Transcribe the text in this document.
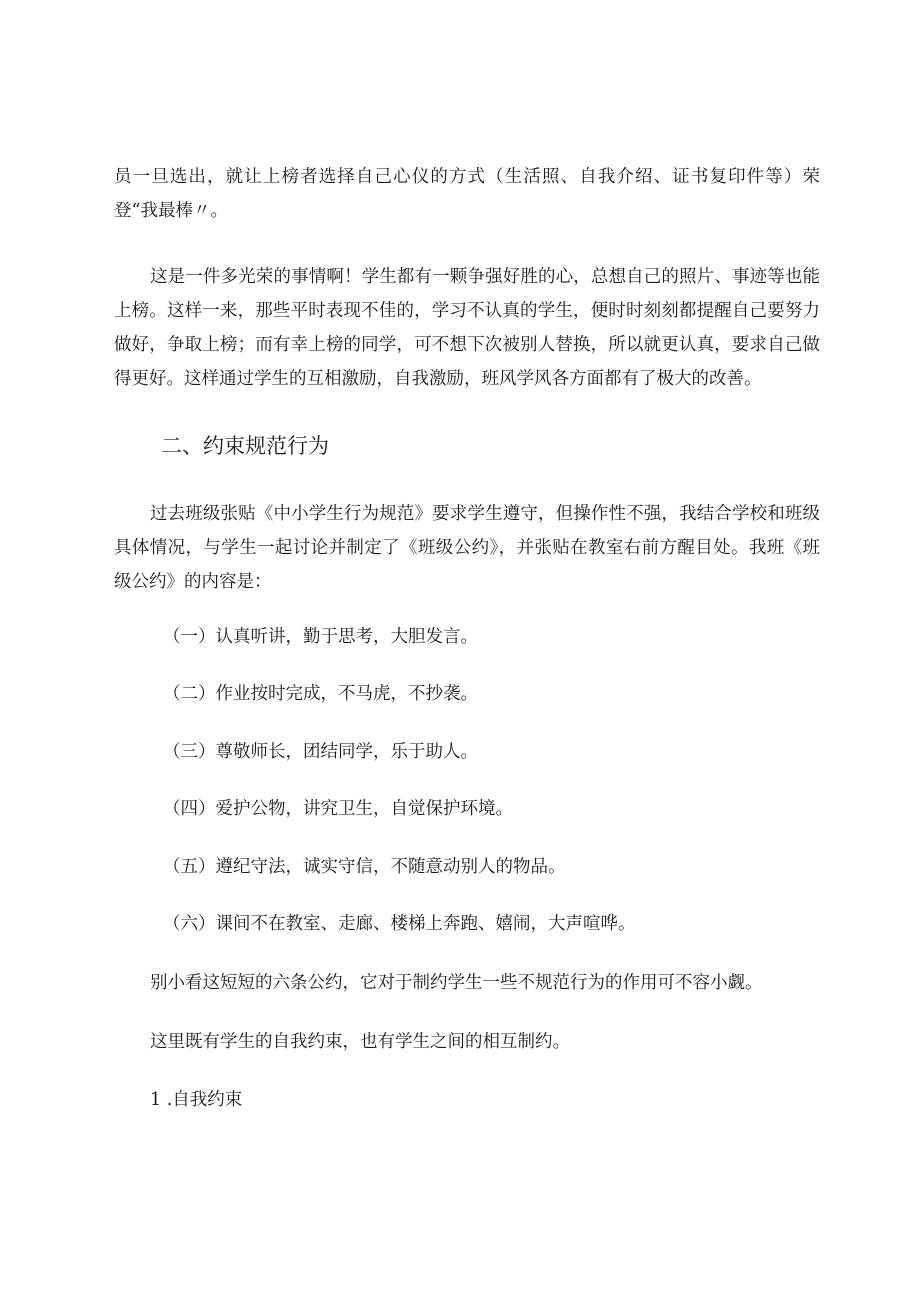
员一旦选出，就让上榜者选择自己心仪的方式（生活照、自我介绍、证书复印件等）荣登“我最棒〃。

这是一件多光荣的事情啊！学生都有一颗争强好胜的心，总想自己的照片、事迹等也能上榜。这样一来，那些平时表现不佳的，学习不认真的学生，便时时刻刻都提醒自己要努力做好，争取上榜；而有幸上榜的同学，可不想下次被别人替换，所以就更认真，要求自己做得更好。这样通过学生的互相激励，自我激励，班风学风各方面都有了极大的改善。

二、约束规范行为

过去班级张贴《中小学生行为规范》要求学生遵守，但操作性不强，我结合学校和班级具体情况，与学生一起讨论并制定了《班级公约》，并张贴在教室右前方醒目处。我班《班级公约》的内容是：

（一）认真听讲，勤于思考，大胆发言。

（二）作业按时完成，不马虎，不抄袭。

（三）尊敬师长，团结同学，乐于助人。

（四）爱护公物，讲究卫生，自觉保护环境。

（五）遵纪守法，诚实守信，不随意动别人的物品。

（六）课间不在教室、走廊、楼梯上奔跑、嬉闹，大声喧哗。

别小看这短短的六条公约，它对于制约学生一些不规范行为的作用可不容小觑。

这里既有学生的自我约束，也有学生之间的相互制约。

1 .自我约束
